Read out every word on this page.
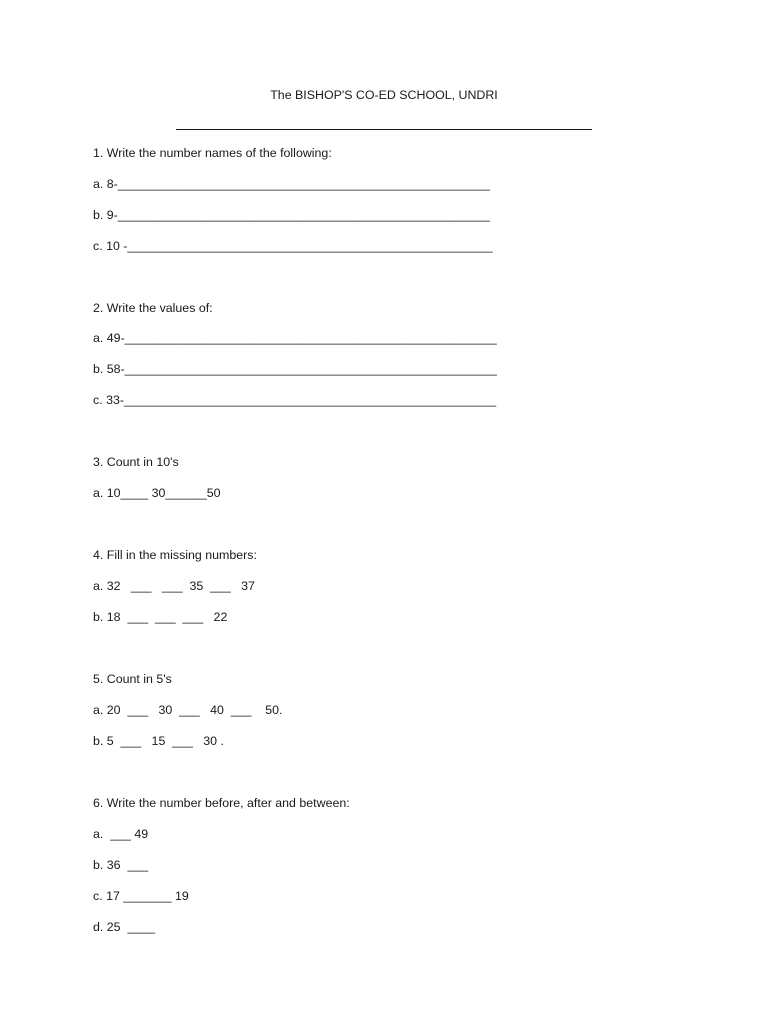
The BISHOP'S CO-ED SCHOOL, UNDRI
1. Write the number names of the following:
a. 8-______________________________________________________
b. 9-______________________________________________________
c. 10 -_____________________________________________________
2. Write the values of:
a. 49-______________________________________________________
b. 58-______________________________________________________
c. 33-______________________________________________________
3. Count in 10's
a. 10____ 30______50
4. Fill in the missing numbers:
a. 32   ___   ___  35  ___   37
b. 18  ___  ___  ___   22
5. Count in 5's
a. 20  ___   30  ___   40  ___    50.
b. 5  ___   15  ___   30 .
6. Write the number before, after and between:
a.  ___ 49
b. 36  ___
c. 17 _______ 19
d. 25  ____
